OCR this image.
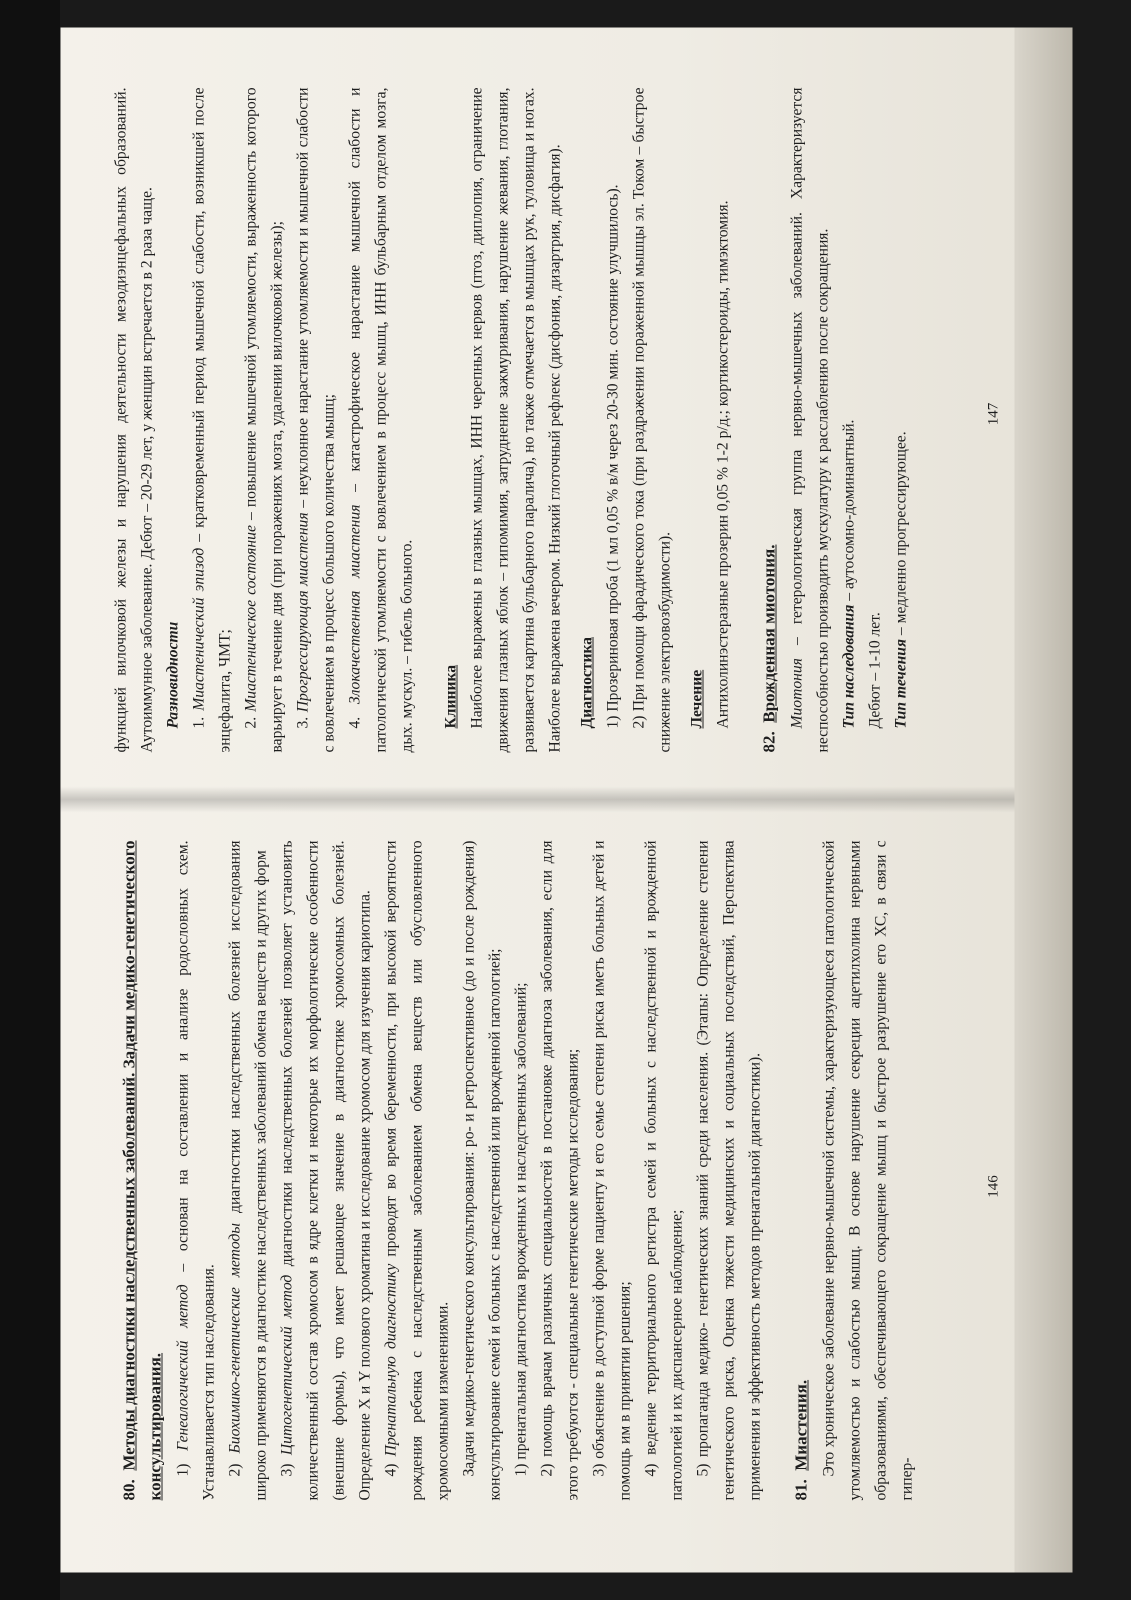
80.  Методы диагностики наследственных заболеваний. Задачи медико-генетического консультирования. 1) Генеалогический метод – основан на составлении и анализе родословных схем. Устанавливается тип наследования. 2) Биохимико-генетические методы диагностики наследственных болезней исследования широко применяются в диагностике наследственных заболеваний обмена веществ и других форм 3) Цитогенетический метод диагностики наследственных болезней позволяет установить количественный состав хромосом в ядре клетки и некоторые их морфологические особенности (внешние формы), что имеет решающее значение в диагностике хромосомных болезней. Определение X и Y полового хроматина и исследование хромосом для изучения кариотипа. 4) Пренатальную диагностику проводят во время беременности, при высокой вероятности рождения ребенка с наследственным заболеванием обмена веществ или обусловленного хромосомными изменениями. Задачи медико-генетического консультирования: ро- и ретроспективное (до и после рождения) консультирование семей и больных с наследственной или врожденной патологией; 1) пренатальная диагностика врожденных и наследственных заболеваний; 2) помощь врачам различных специальностей в постановке диагноза заболевания, если для этого требуются - специальные генетические методы исследования; 3) объяснение в доступной форме пациенту и его семье степени риска иметь больных детей и помощь им в принятии решения; 4) ведение территориального регистра семей и больных с наследственной и врожденной патологией и их диспансерное наблюдение; 5) пропаганда медико- генетических знаний среди населения. (Этапы: Определение степени генетического риска, Оценка тяжести медицинских и социальных последствий, Перспектива применения и эффективность методов пренатальной диагностики). 81.  Миастения. Это хроническое заболевание нервно-мышечной системы, характеризующееся патологической утомляемостью и слабостью мышц. В основе нарушение секреции ацетилхолина нервными образованиями, обеспечивающего сокращение мышц и быстрое разрушение его ХС, в связи с гипер-

146

функцией вилочковой железы и нарушения деятельности мезодиэнцефальных образований. Аутоиммунное заболевание. Дебют – 20-29 лет, у женщин встречается в 2 раза чаще. Разновидности 1. Миастенический эпизод – кратковременный период мышечной слабости, возникшей после энцефалита, ЧМТ; 2. Миастеническое состояние – повышение мышечной утомляемости, выраженность которого варьирует в течение дня (при поражениях мозга, удалении вилочковой железы); 3. Прогрессирующая миастения – неуклонное нарастание утомляемости и мышечной слабости с вовлечением в процесс большого количества мышц; 4. Злокачественная миастения – катастрофическое нарастание мышечной слабости и патологической утомляемости с вовлечением в процесс мышц, ИНН бульбарным отделом мозга, дых. мускул. – гибель больного.	Клиника Наиболее выражены в глазных мышцах, ИНН черепных нервов (птоз, диплопия, ограничение движения глазных яблок – гипомимия, затруднение зажмуривания, нарушение жевания, глотания, развивается картина бульбарного паралича), но также отмечается в мышцах рук, туловища и ногах. Наиболее выражена вечером. Низкий глоточный рефлекс (дисфония, дизартрия, дисфагия). Диагностика 1) Прозериновая проба (1 мл 0,05 % в/м через 20-30 мин. состояние улучшилось). 2) При помощи фарадического тока (при раздражении пораженной мышцы эл. Током – быстрое снижение электровозбудимости). Лечение Антихолинэстеразные прозерин 0,05 % 1-2 р/д.; кортикостероиды, тимэктомия.

82.  Врожденная миотония. Миотония – гетерологическая группа нервно-мышечных заболеваний. Характеризуется неспособностью производить мускулатуру к расслаблению после сокращения. Тип наследования – аутосомно-доминантный.

Дебют – 1-10 лет. Тип течения – медленно прогрессирующее.

147
